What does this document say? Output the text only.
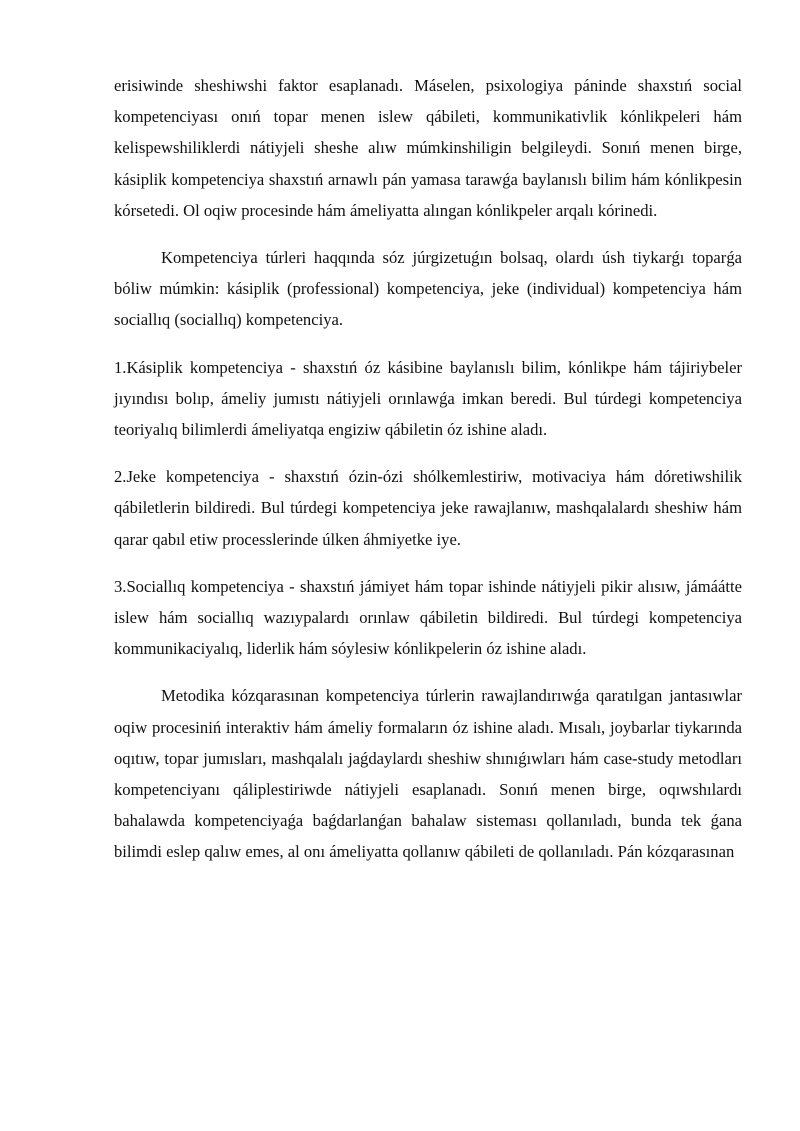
erisiwinde sheshiwshi faktor esaplanadı. Máselen, psixologiya páninde shaxstıń social kompetenciyası onıń topar menen islew qábileti, kommunikativlik kónlikpeleri hám kelispewshiliklerdi nátiyjeli sheshe alıw múmkinshiligin belgileydi. Sonıń menen birge, kásiplik kompetenciya shaxstıń arnawlı pán yamasa tarawǵa baylanıslı bilim hám kónlikpesin kórsetedi. Ol oqiw procesinde hám ámeliyatta alıngan kónlikpeler arqalı kórinedi.

Kompetenciya túrleri haqqında sóz júrgizetuǵın bolsaq, olardı úsh tiykarǵı toparǵa bóliw múmkin: kásiplik (professional) kompetenciya, jeke (individual) kompetenciya hám sociallıq (sociallıq) kompetenciya.

1.Kásiplik kompetenciya - shaxstıń óz kásibine baylanıslı bilim, kónlikpe hám tájiriybeler jıyındısı bolıp, ámeliy jumıstı nátiyjeli orınlawǵa imkan beredi. Bul túrdegi kompetenciya teoriyalıq bilimlerdi ámeliyatqa engiziw qábiletin óz ishine aladı.

2.Jeke kompetenciya - shaxstıń ózin-ózi shólkemlestiriw, motivaciya hám dóretiwshilik qábiletlerin bildiredi. Bul túrdegi kompetenciya jeke rawajlanıw, mashqalalardı sheshiw hám qarar qabıl etiw processlerinde úlken áhmiyetke iye.

3.Sociallıq kompetenciya - shaxstıń jámiyet hám topar ishinde nátiyjeli pikir alısıw, jámáátte islew hám sociallıq wazıypalardı orınlaw qábiletin bildiredi. Bul túrdegi kompetenciya kommunikaciyalıq, liderlik hám sóylesiw kónlikpelerin óz ishine aladı.

Metodika kózqarasınan kompetenciya túrlerin rawajlandırıwǵa qaratılgan jantasıwlar oqiw procesiniń interaktiv hám ámeliy formaların óz ishine aladı. Mısalı, joybarlar tiykarında oqıtıw, topar jumısları, mashqalalı jaǵdaylardı sheshiw shınıǵıwları hám case-study metodları kompetenciyanı qáliplestiriwde nátiyjeli esaplanadı. Sonıń menen birge, oqıwshılardı bahalawda kompetenciyaǵa baǵdarlanǵan bahalaw sisteması qollanıladı, bunda tek ǵana bilimdi eslep qalıw emes, al onı ámeliyatta qollanıw qábileti de qollanıladı. Pán kózqarasınan
